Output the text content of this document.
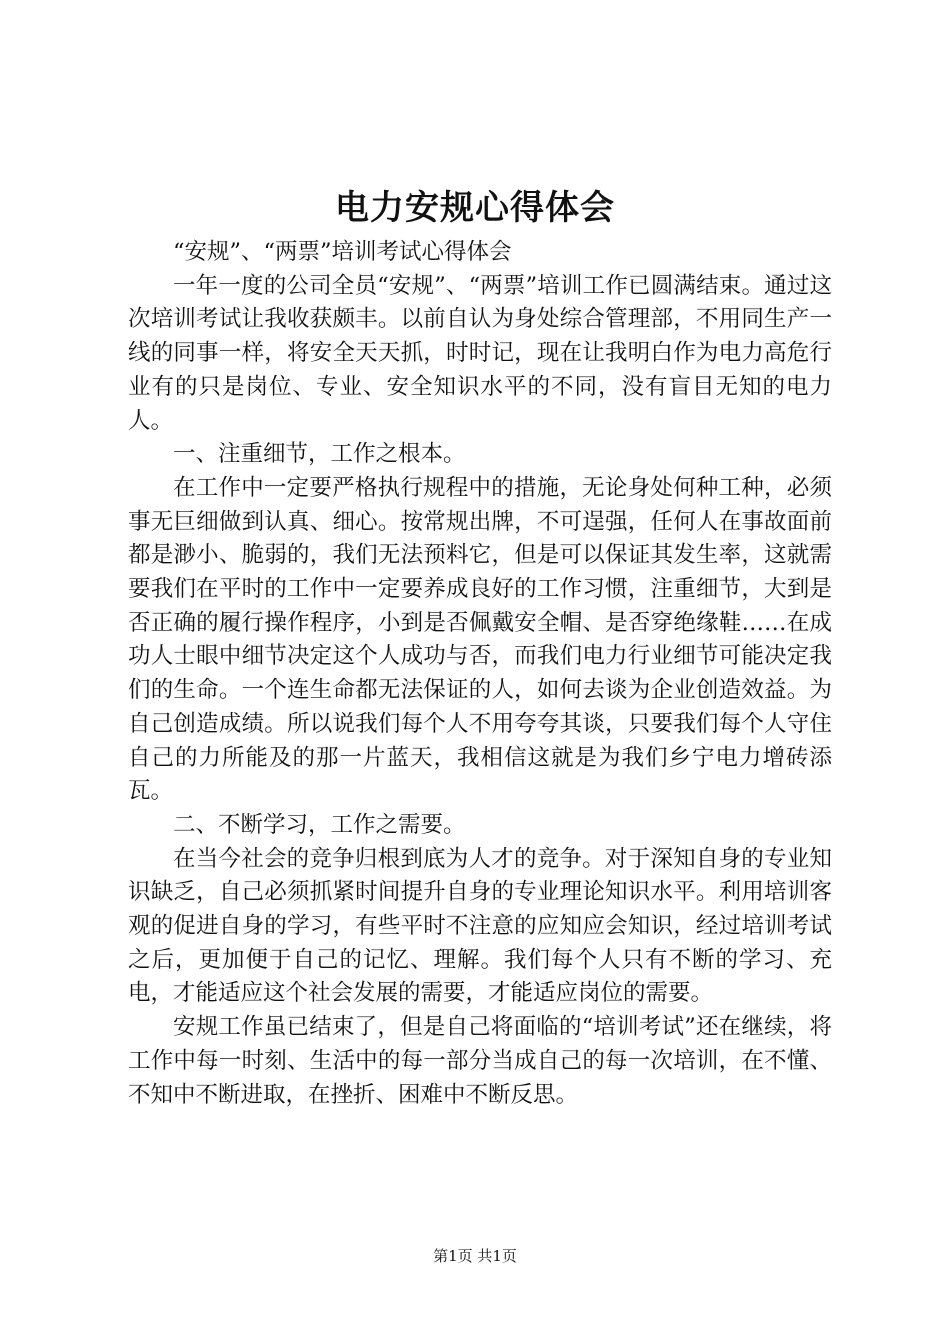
电力安规心得体会

“安规”、“两票”培训考试心得体会

一年一度的公司全员“安规”、“两票”培训工作已圆满结束。通过这次培训考试让我收获颇丰。以前自认为身处综合管理部，不用同生产一线的同事一样，将安全天天抓，时时记，现在让我明白作为电力高危行业有的只是岗位、专业、安全知识水平的不同，没有盲目无知的电力人。

一、注重细节，工作之根本。

在工作中一定要严格执行规程中的措施，无论身处何种工种，必须事无巨细做到认真、细心。按常规出牌，不可逞强，任何人在事故面前都是渺小、脆弱的，我们无法预料它，但是可以保证其发生率，这就需要我们在平时的工作中一定要养成良好的工作习惯，注重细节，大到是否正确的履行操作程序，小到是否佩戴安全帽、是否穿绝缘鞋……在成功人士眼中细节决定这个人成功与否，而我们电力行业细节可能决定我们的生命。一个连生命都无法保证的人，如何去谈为企业创造效益。为自己创造成绩。所以说我们每个人不用夸夸其谈，只要我们每个人守住自己的力所能及的那一片蓝天，我相信这就是为我们乡宁电力增砖添瓦。

二、不断学习，工作之需要。

在当今社会的竞争归根到底为人才的竞争。对于深知自身的专业知识缺乏，自己必须抓紧时间提升自身的专业理论知识水平。利用培训客观的促进自身的学习，有些平时不注意的应知应会知识，经过培训考试之后，更加便于自己的记忆、理解。我们每个人只有不断的学习、充电，才能适应这个社会发展的需要，才能适应岗位的需要。

安规工作虽已结束了，但是自己将面临的“培训考试”还在继续，将工作中每一时刻、生活中的每一部分当成自己的每一次培训，在不懂、不知中不断进取，在挫折、困难中不断反思。

第1页 共1页
